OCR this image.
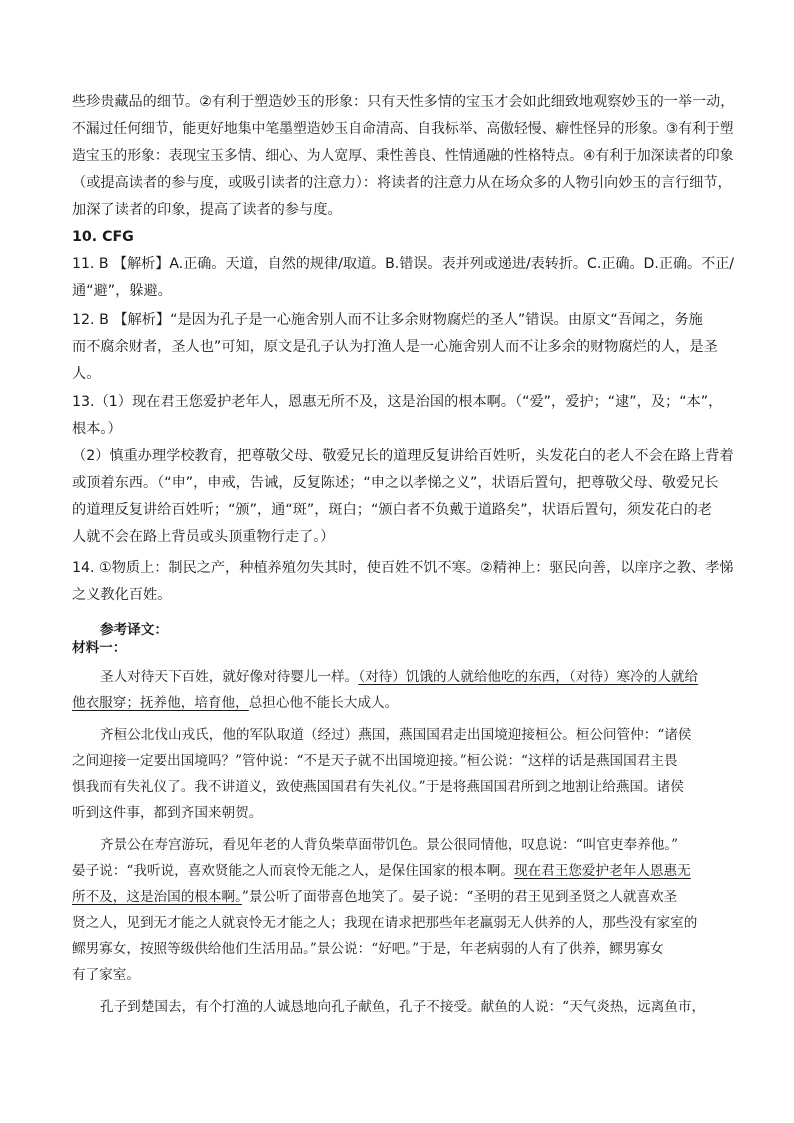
些珍贵藏品的细节。②有利于塑造妙玉的形象：只有天性多情的宝玉才会如此细致地观察妙玉的一举一动，
不漏过任何细节，能更好地集中笔墨塑造妙玉自命清高、自我标举、高傲轻慢、癖性怪异的形象。③有利于塑
造宝玉的形象：表现宝玉多情、细心、为人宽厚、秉性善良、性情通融的性格特点。④有利于加深读者的印象
（或提高读者的参与度，或吸引读者的注意力）：将读者的注意力从在场众多的人物引向妙玉的言行细节，
加深了读者的印象，提高了读者的参与度。
10. CFG
11. B 【解析】A.正确。天道，自然的规律/取道。B.错误。表并列或递进/表转折。C.正确。D.正确。不正/
通“避”，躲避。
12. B 【解析】“是因为孔子是一心施舍别人而不让多余财物腐烂的圣人”错误。由原文“吾闻之，务施
而不腐余财者，圣人也”可知，原文是孔子认为打渔人是一心施舍别人而不让多余的财物腐烂的人，是圣
人。
13.（1）现在君王您爱护老年人，恩惠无所不及，这是治国的根本啊。（“爱”，爱护；“逮”，及；“本”，
根本。）
（2）慎重办理学校教育，把尊敬父母、敬爱兄长的道理反复讲给百姓听，头发花白的老人不会在路上背着
或顶着东西。（“申”，申戒，告诫，反复陈述；“申之以孝悌之义”，状语后置句，把尊敬父母、敬爱兄长
的道理反复讲给百姓听；“颁”，通“斑”，斑白；“颁白者不负戴于道路矣”，状语后置句，须发花白的老
人就不会在路上背员或头顶重物行走了。）
14. ①物质上：制民之产，种植养殖勿失其时，使百姓不饥不寒。②精神上：驱民向善，以庠序之教、孝悌
之义教化百姓。
参考译文：
材料一：
圣人对待天下百姓，就好像对待婴儿一样。（对待）饥饿的人就给他吃的东西，（对待）寒冷的人就给
他衣服穿；抚养他，培育他，总担心他不能长大成人。
齐桓公北伐山戎氏，他的军队取道（经过）燕国，燕国国君走出国境迎接桓公。桓公问管仲：“诸侯
之间迎接一定要出国境吗？”管仲说：“不是天子就不出国境迎接。”桓公说：“这样的话是燕国国君主畏
惧我而有失礼仪了。我不讲道义，致使燕国国君有失礼仪。”于是将燕国国君所到之地割让给燕国。诸侯
听到这件事，都到齐国来朝贺。
齐景公在寿宫游玩，看见年老的人背负柴草面带饥色。景公很同情他，叹息说：“叫官吏奉养他。”
晏子说：“我听说，喜欢贤能之人而哀怜无能之人，是保住国家的根本啊。现在君王您爱护老年人恩惠无
所不及，这是治国的根本啊。”景公听了面带喜色地笑了。晏子说：“圣明的君王见到圣贤之人就喜欢圣
贤之人，见到无才能之人就哀怜无才能之人；我现在请求把那些年老羸弱无人供养的人，那些没有家室的
鳏男寡女，按照等级供给他们生活用品。”景公说：“好吧。”于是，年老病弱的人有了供养，鳏男寡女
有了家室。
孔子到楚国去，有个打渔的人诚恳地向孔子献鱼，孔子不接受。献鱼的人说：“天气炎热，远离鱼市，
